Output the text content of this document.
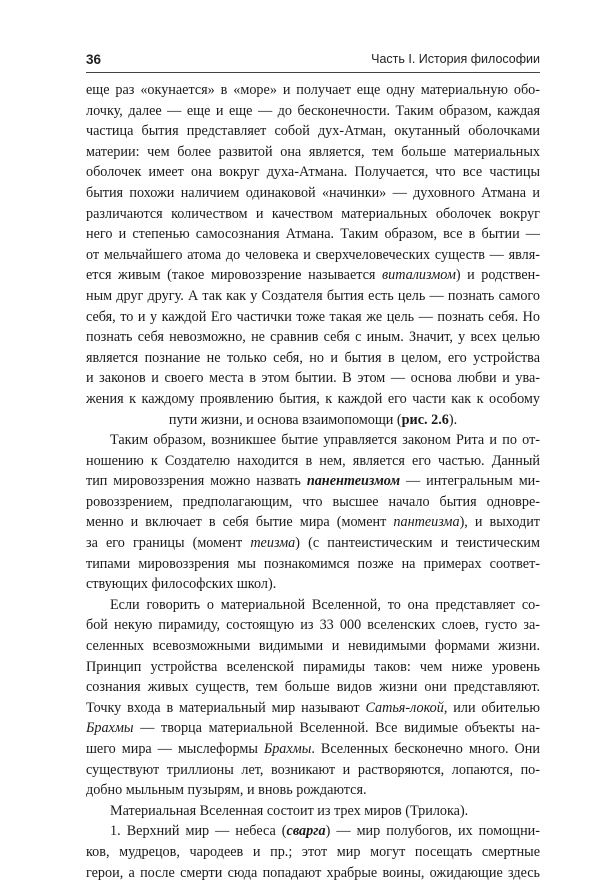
36	Часть I. История философии

еще раз «окунается» в «море» и получает еще одну материальную обо-

лочку, далее — еще и еще — до бесконечности. Таким образом, каждая

частица бытия представляет собой дух-Атман, окутанный оболочками

материи: чем более развитой она является, тем больше материальных

оболочек имеет она вокруг духа-Атмана. Получается, что все частицы

бытия похожи наличием одинаковой «начинки» — духовного Атмана и

различаются количеством и качеством материальных оболочек вокруг

него и степенью самосознания Атмана. Таким образом, все в бытии —

от мельчайшего атома до человека и сверхчеловеческих существ — явля-

ется живым (такое мировоззрение называется витализмом) и родствен-

ным друг другу. А так как у Создателя бытия есть цель — познать самого

себя, то и у каждой Его частички тоже такая же цель — познать себя. Но

познать себя невозможно, не сравнив себя с иным. Значит, у всех целью

является познание не только себя, но и бытия в целом, его устройства

и законов и своего места в этом бытии. В этом — основа любви и ува-

жения к каждому проявлению бытия, к каждой его части как к особому

пути жизни, и основа взаимопомощи (рис. 2.6).

Таким образом, возникшее бытие управляется законом Рита и по от-

ношению к Создателю находится в нем, является его частью. Данный

тип мировоззрения можно назвать панентеизмом — интегральным ми-

ровоззрением, предполагающим, что высшее начало бытия одновре-

менно и включает в себя бытие мира (момент пантеизма), и выходит

за его границы (момент теизма) (с пантеистическим и теистическим

типами мировоззрения мы познакомимся позже на примерах соответ-

ствующих философских школ).

Если говорить о материальной Вселенной, то она представляет со-

бой некую пирамиду, состоящую из 33 000 вселенских слоев, густо за-

селенных всевозможными видимыми и невидимыми формами жизни.

Принцип устройства вселенской пирамиды таков: чем ниже уровень

сознания живых существ, тем больше видов жизни они представляют.

Точку входа в материальный мир называют Сатья-локой, или обителью

Брахмы — творца материальной Вселенной. Все видимые объекты на-

шего мира — мыслеформы Брахмы. Вселенных бесконечно много. Они

существуют триллионы лет, возникают и растворяются, лопаются, по-

добно мыльным пузырям, и вновь рождаются.

Материальная Вселенная состоит из трех миров (Трилока).

1. Верхний мир — небеса (сварга) — мир полубогов, их помощни-

ков, мудрецов, чародеев и пр.; этот мир могут посещать смертные

герои, а после смерти сюда попадают храбрые воины, ожидающие здесь
